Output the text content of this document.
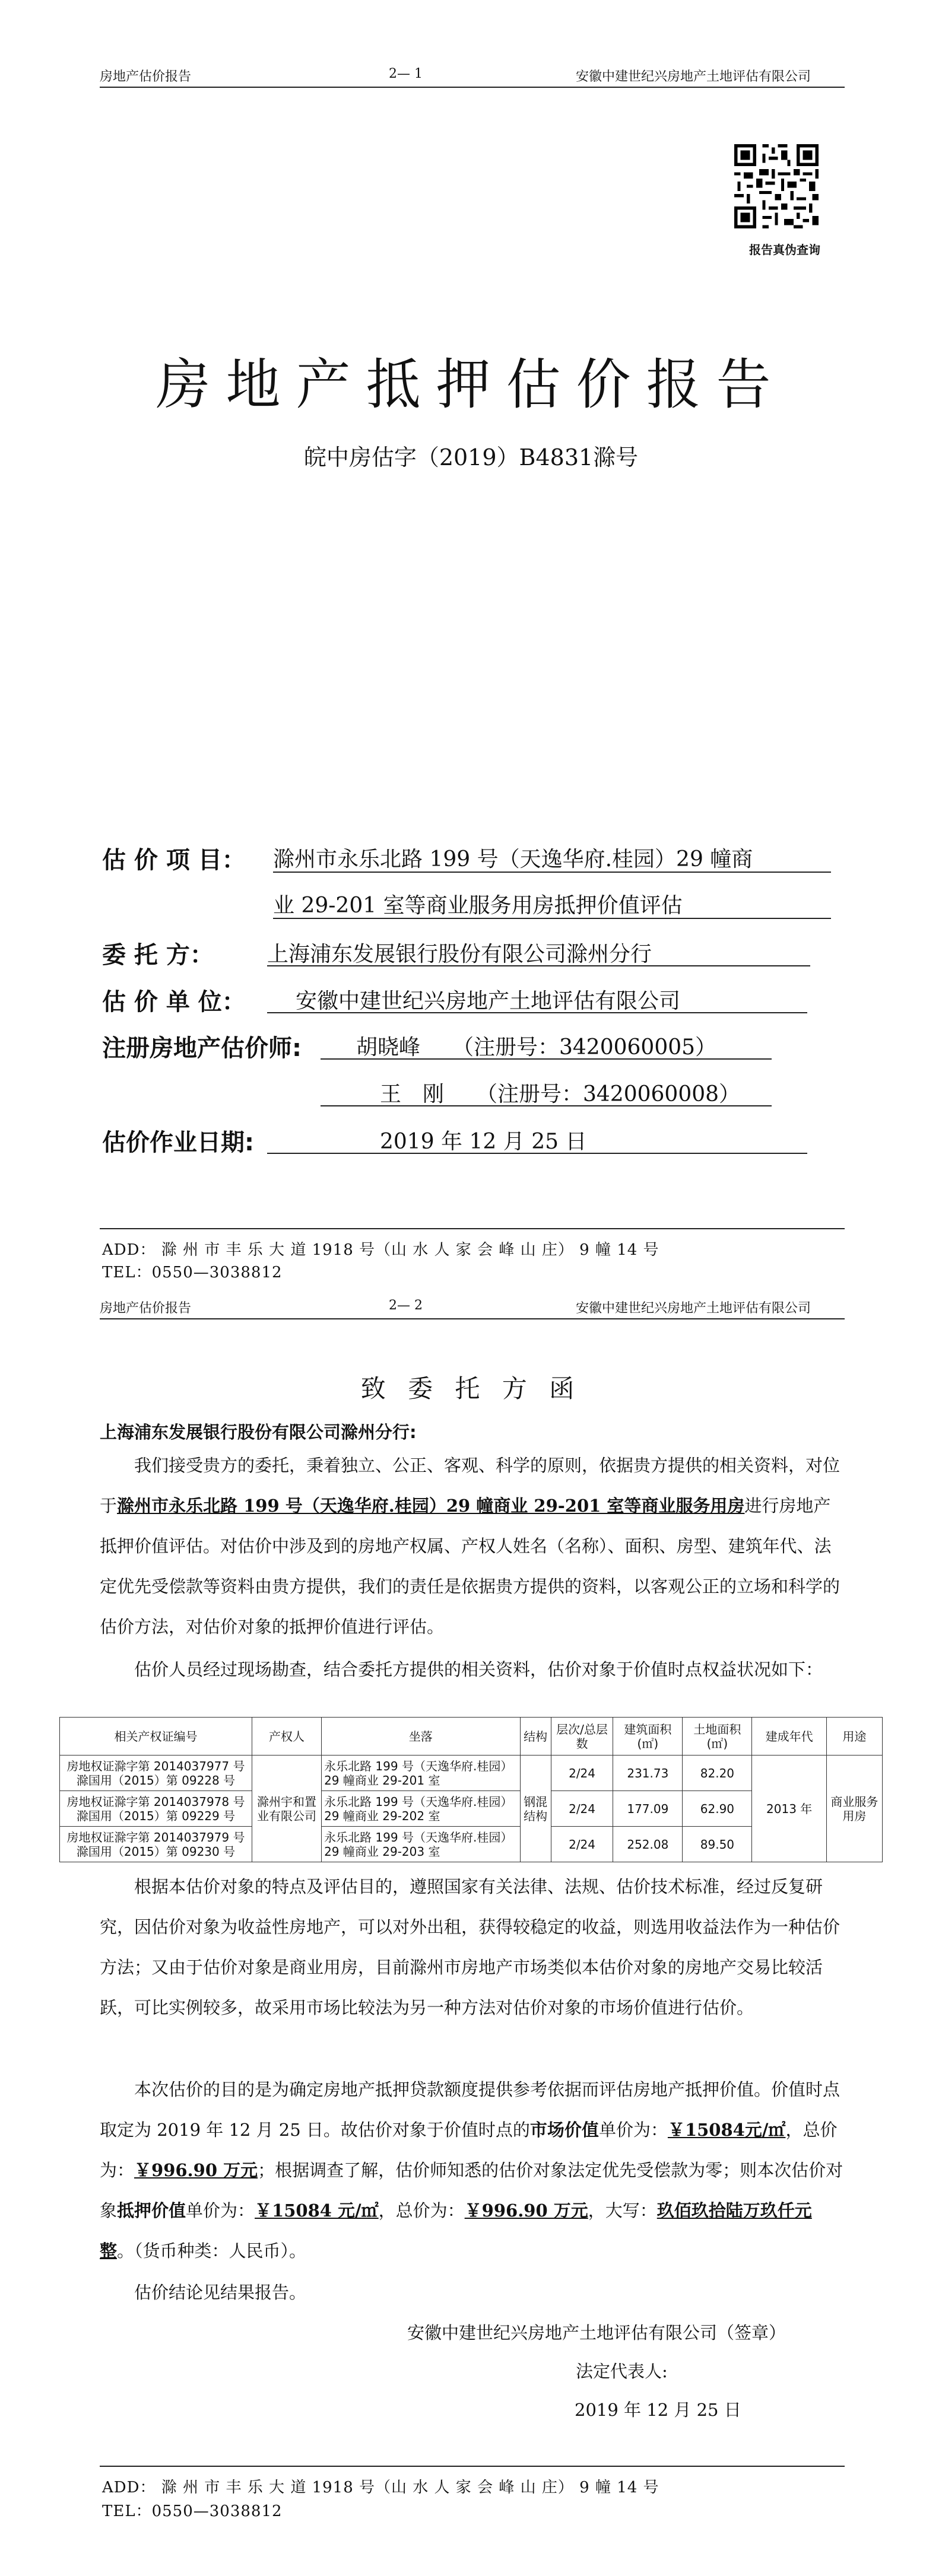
房地产估价报告	2— 1	安徽中建世纪兴房地产土地评估有限公司
报告真伪查询
房地产抵押估价报告
皖中房估字（2019）B4831滁号
估 价 项 目： 滁州市永乐北路 199 号（天逸华府.桂园）29 幢商
业 29-201 室等商业服务用房抵押价值评估
委 托 方：	上海浦东发展银行股份有限公司滁州分行
估 价 单 位： 安徽中建世纪兴房地产土地评估有限公司
注册房地产估价师:	胡晓峰　　（注册号：3420060005）
王　刚　　（注册号：3420060008）
估价作业日期:	2019 年 12 月 25 日
ADD： 滁 州 市 丰 乐 大 道 1918 号（山 水 人 家 会 峰 山 庄） 9 幢 14 号
TEL：0550—3038812
房地产估价报告	2— 2	安徽中建世纪兴房地产土地评估有限公司
致 委 托 方 函
上海浦东发展银行股份有限公司滁州分行:

我们接受贵方的委托，秉着独立、公正、客观、科学的原则，依据贵方提供的相关资料，对位于滁州市永乐北路 199 号（天逸华府.桂园）29 幢商业 29-201 室等商业服务用房进行房地产抵押价值评估。对估价中涉及到的房地产权属、产权人姓名（名称）、面积、房型、建筑年代、法定优先受偿款等资料由贵方提供，我们的责任是依据贵方提供的资料，以客观公正的立场和科学的估价方法，对估价对象的抵押价值进行评估。

估价人员经过现场勘查，结合委托方提供的相关资料，估价对象于价值时点权益状况如下：

相关产权证编号	产权人	坐落	结构	层次/总层数	建筑面积(㎡)	土地面积(㎡)	建成年代	用途
房地权证滁字第 2014037977 号 滁国用（2015）第 09228 号	滁州宇和置业有限公司	永乐北路 199 号（天逸华府.桂园）29 幢商业 29-201 室	钢混结构	2/24	231.73	82.20	2013 年	商业服务用房
房地权证滁字第 2014037978 号 滁国用（2015）第 09229 号		永乐北路 199 号（天逸华府.桂园）29 幢商业 29-202 室		2/24	177.09	62.90		
房地权证滁字第 2014037979 号 滁国用（2015）第 09230 号		永乐北路 199 号（天逸华府.桂园）29 幢商业 29-203 室		2/24	252.08	89.50		

根据本估价对象的特点及评估目的，遵照国家有关法律、法规、估价技术标准，经过反复研究，因估价对象为收益性房地产，可以对外出租，获得较稳定的收益，则选用收益法作为一种估价方法；又由于估价对象是商业用房，目前滁州市房地产市场类似本估价对象的房地产交易比较活跃，可比实例较多，故采用市场比较法为另一种方法对估价对象的市场价值进行估价。

本次估价的目的是为确定房地产抵押贷款额度提供参考依据而评估房地产抵押价值。价值时点取定为 2019 年 12 月 25 日。故估价对象于价值时点的市场价值单价为：￥15084元/㎡，总价为：￥996.90 万元；根据调查了解，估价师知悉的估价对象法定优先受偿款为零；则本次估价对象抵押价值单价为：￥15084 元/㎡，总价为：￥996.90 万元，大写：玖佰玖拾陆万玖仟元整。（货币种类：人民币）。

估价结论见结果报告。

安徽中建世纪兴房地产土地评估有限公司（签章）
法定代表人:
2019 年 12 月 25 日
ADD： 滁 州 市 丰 乐 大 道 1918 号（山 水 人 家 会 峰 山 庄） 9 幢 14 号
TEL：0550—3038812
